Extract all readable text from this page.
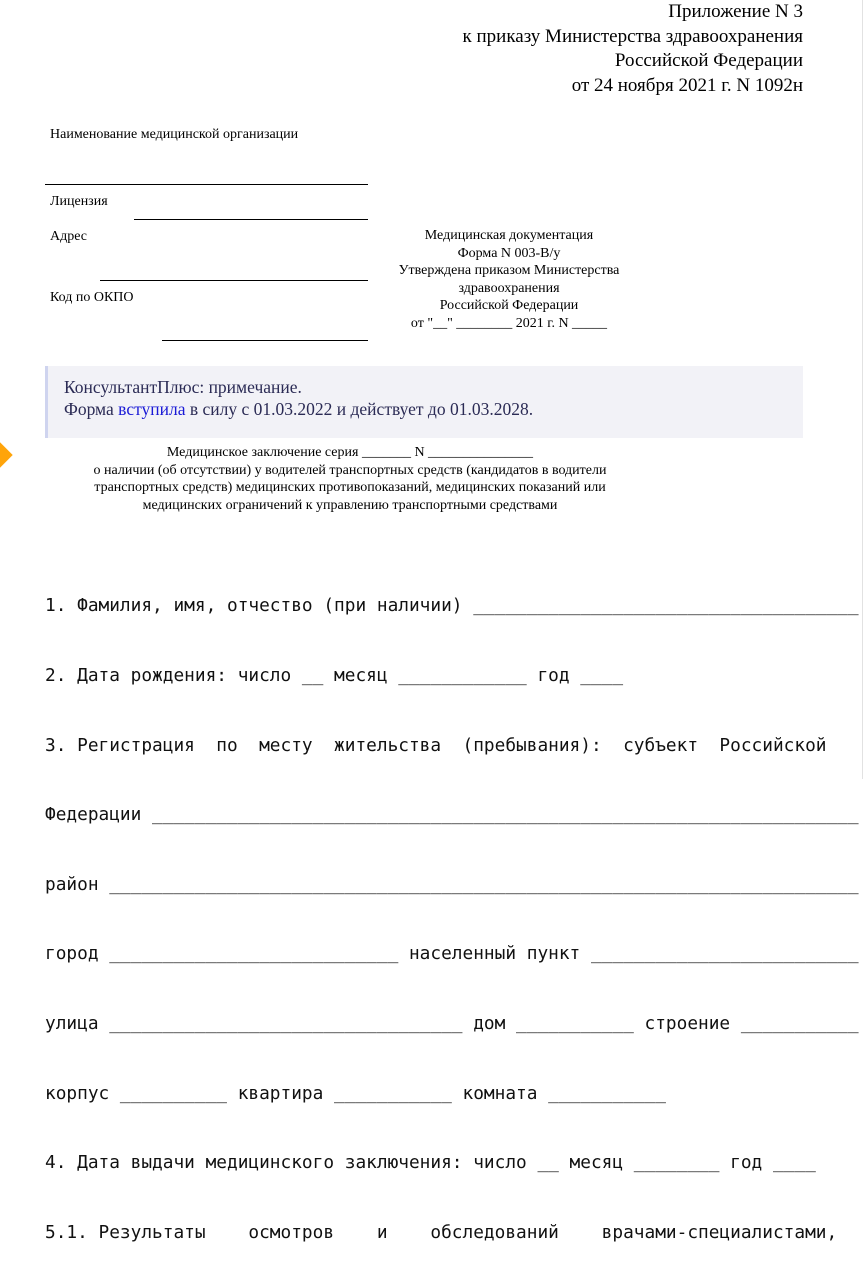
Приложение N 3
к приказу Министерства здравоохранения
Российской Федерации
от 24 ноября 2021 г. N 1092н
Наименование медицинской организации
Лицензия
Адрес
Код по ОКПО
Медицинская документация
Форма N 003-В/у
Утверждена приказом Министерства
здравоохранения
Российской Федерации
от "__" ________ 2021 г. N _____
КонсультантПлюс: примечание.
Форма вступила в силу с 01.03.2022 и действует до 01.03.2028.
Медицинское заключение серия _______ N _______________
о наличии (об отсутствии) у водителей транспортных средств (кандидатов в водители
транспортных средств) медицинских противопоказаний, медицинских показаний или
медицинских ограничений к управлению транспортными средствами

1. Фамилия, имя, отчество (при наличии) ____________________________________

2. Дата рождения: число __ месяц ____________ год ____

3. Регистрация  по  месту  жительства  (пребывания):  субъект  Российской

Федерации __________________________________________________________________

район ______________________________________________________________________

город ___________________________ населенный пункт _________________________

улица _________________________________ дом ___________ строение ___________

корпус __________ квартира ___________ комната ___________

4. Дата выдачи медицинского заключения: число __ месяц ________ год ____

5.1. Результаты    осмотров    и    обследований    врачами-специалистами,
